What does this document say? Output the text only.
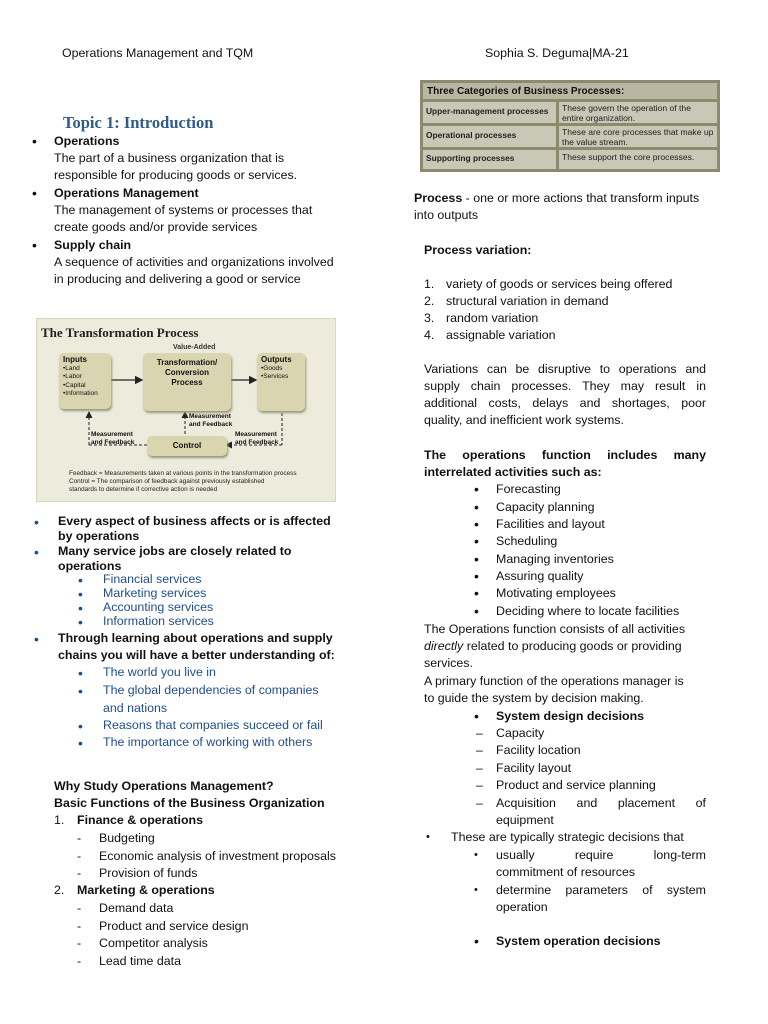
Operations Management and TQM	Sophia S. Deguma|MA-21
Topic 1: Introduction
• Operations
The part of a business organization that is
responsible for producing goods or services.
• Operations Management
The management of systems or processes that
create goods and/or provide services
• Supply chain
A sequence of activities and organizations involved
in producing and delivering a good or service
The Transformation Process
Value-Added
Inputs
•Land
•Labor
•Capital
•Information
Transformation/
Conversion
Process
Outputs
•Goods
•Services
Measurement
and Feedback
Measurement
and Feedback
Measurement
and Feedback
Control
Feedback = Measurements taken at various points in the transformation process
Control = The comparison of feedback against previously established
standards to determine if corrective action is needed
• Every aspect of business affects or is affected
by operations
• Many service jobs are closely related to
operations
• Financial services
• Marketing services
• Accounting services
• Information services
• Through learning about operations and supply
chains you will have a better understanding of:
• The world you live in
• The global dependencies of companies
and nations
• Reasons that companies succeed or fail
• The importance of working with others
Why Study Operations Management?
Basic Functions of the Business Organization
1. Finance & operations
- Budgeting
- Economic analysis of investment proposals
- Provision of funds
2. Marketing & operations
- Demand data
- Product and service design
- Competitor analysis
- Lead time data
Three Categories of Business Processes:
Upper-management processes	These govern the operation of the entire organization.
Operational processes	These are core processes that make up the value stream.
Supporting processes	These support the core processes.
Process - one or more actions that transform inputs
into outputs
Process variation:
1. variety of goods or services being offered
2. structural variation in demand
3. random variation
4. assignable variation
Variations can be disruptive to operations and
supply chain processes. They may result in
additional costs, delays and shortages, poor
quality, and inefficient work systems.
The operations function includes many
interrelated activities such as:
• Forecasting
• Capacity planning
• Facilities and layout
• Scheduling
• Managing inventories
• Assuring quality
• Motivating employees
• Deciding where to locate facilities
The Operations function consists of all activities
directly related to producing goods or providing
services.
A primary function of the operations manager is
to guide the system by decision making.
• System design decisions
– Capacity
– Facility location
– Facility layout
– Product and service planning
– Acquisition and placement of
equipment
• These are typically strategic decisions that
• usually require long-term
commitment of resources
• determine parameters of system
operation
• System operation decisions
